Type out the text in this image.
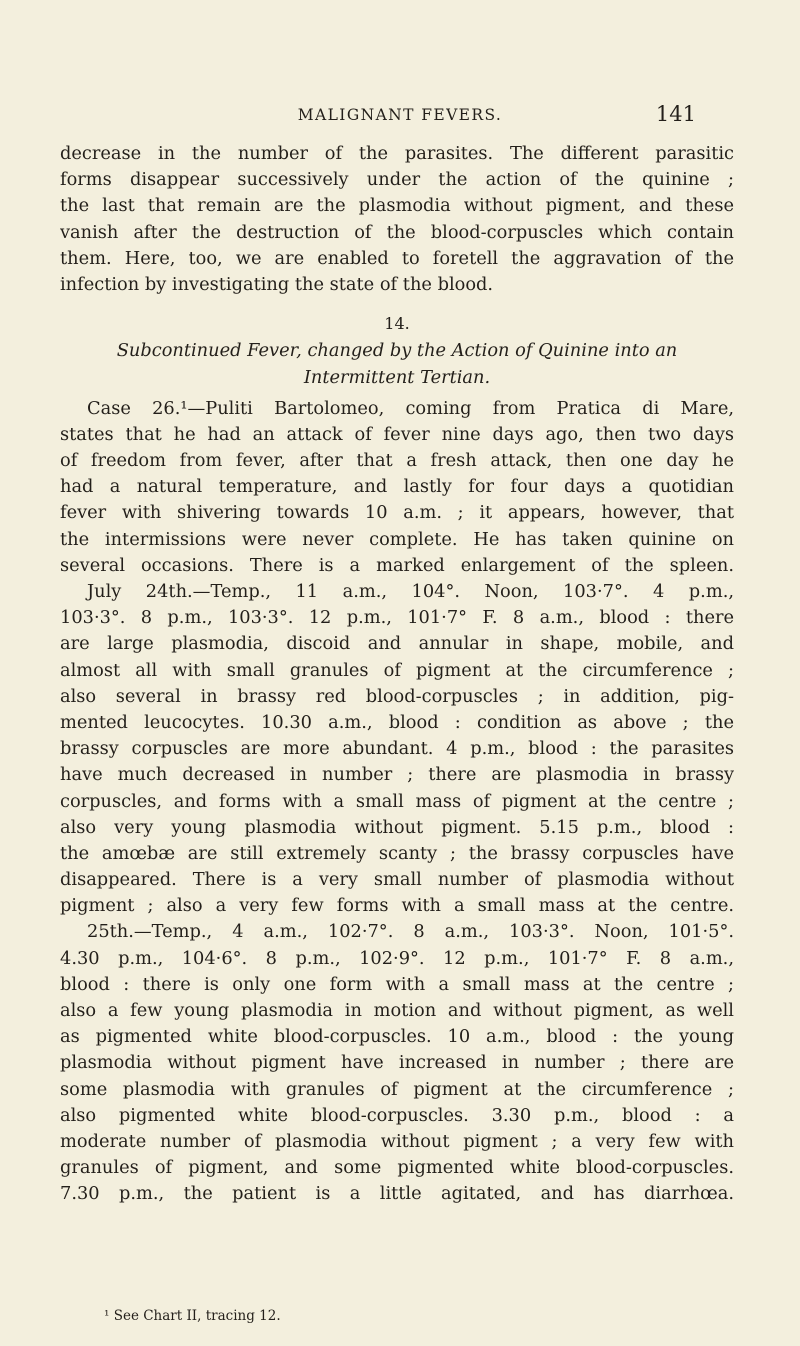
MALIGNANT FEVERS.	141
decrease in the number of the parasites. The different parasitic
forms disappear successively under the action of the quinine ;
the last that remain are the plasmodia without pigment, and these
vanish after the destruction of the blood-corpuscles which contain
them. Here, too, we are enabled to foretell the aggravation of the
infection by investigating the state of the blood.
14.
Subcontinued Fever, changed by the Action of Quinine into an
Intermittent Tertian.
Case 26.¹—Puliti Bartolomeo, coming from Pratica di Mare,
states that he had an attack of fever nine days ago, then two days
of freedom from fever, after that a fresh attack, then one day he
had a natural temperature, and lastly for four days a quotidian
fever with shivering towards 10 a.m. ; it appears, however, that
the intermissions were never complete. He has taken quinine on
several occasions. There is a marked enlargement of the spleen.
July 24th.—Temp., 11 a.m., 104°. Noon, 103·7°. 4 p.m.,
103·3°. 8 p.m., 103·3°. 12 p.m., 101·7° F. 8 a.m., blood : there
are large plasmodia, discoid and annular in shape, mobile, and
almost all with small granules of pigment at the circumference ;
also several in brassy red blood-corpuscles ; in addition, pig-
mented leucocytes. 10.30 a.m., blood : condition as above ; the
brassy corpuscles are more abundant. 4 p.m., blood : the parasites
have much decreased in number ; there are plasmodia in brassy
corpuscles, and forms with a small mass of pigment at the centre ;
also very young plasmodia without pigment. 5.15 p.m., blood :
the amœbæ are still extremely scanty ; the brassy corpuscles have
disappeared. There is a very small number of plasmodia without
pigment ; also a very few forms with a small mass at the centre.
25th.—Temp., 4 a.m., 102·7°. 8 a.m., 103·3°. Noon, 101·5°.
4.30 p.m., 104·6°. 8 p.m., 102·9°. 12 p.m., 101·7° F. 8 a.m.,
blood : there is only one form with a small mass at the centre ;
also a few young plasmodia in motion and without pigment, as well
as pigmented white blood-corpuscles. 10 a.m., blood : the young
plasmodia without pigment have increased in number ; there are
some plasmodia with granules of pigment at the circumference ;
also pigmented white blood-corpuscles. 3.30 p.m., blood : a
moderate number of plasmodia without pigment ; a very few with
granules of pigment, and some pigmented white blood-corpuscles.
7.30 p.m., the patient is a little agitated, and has diarrhœa.
¹ See Chart II, tracing 12.
